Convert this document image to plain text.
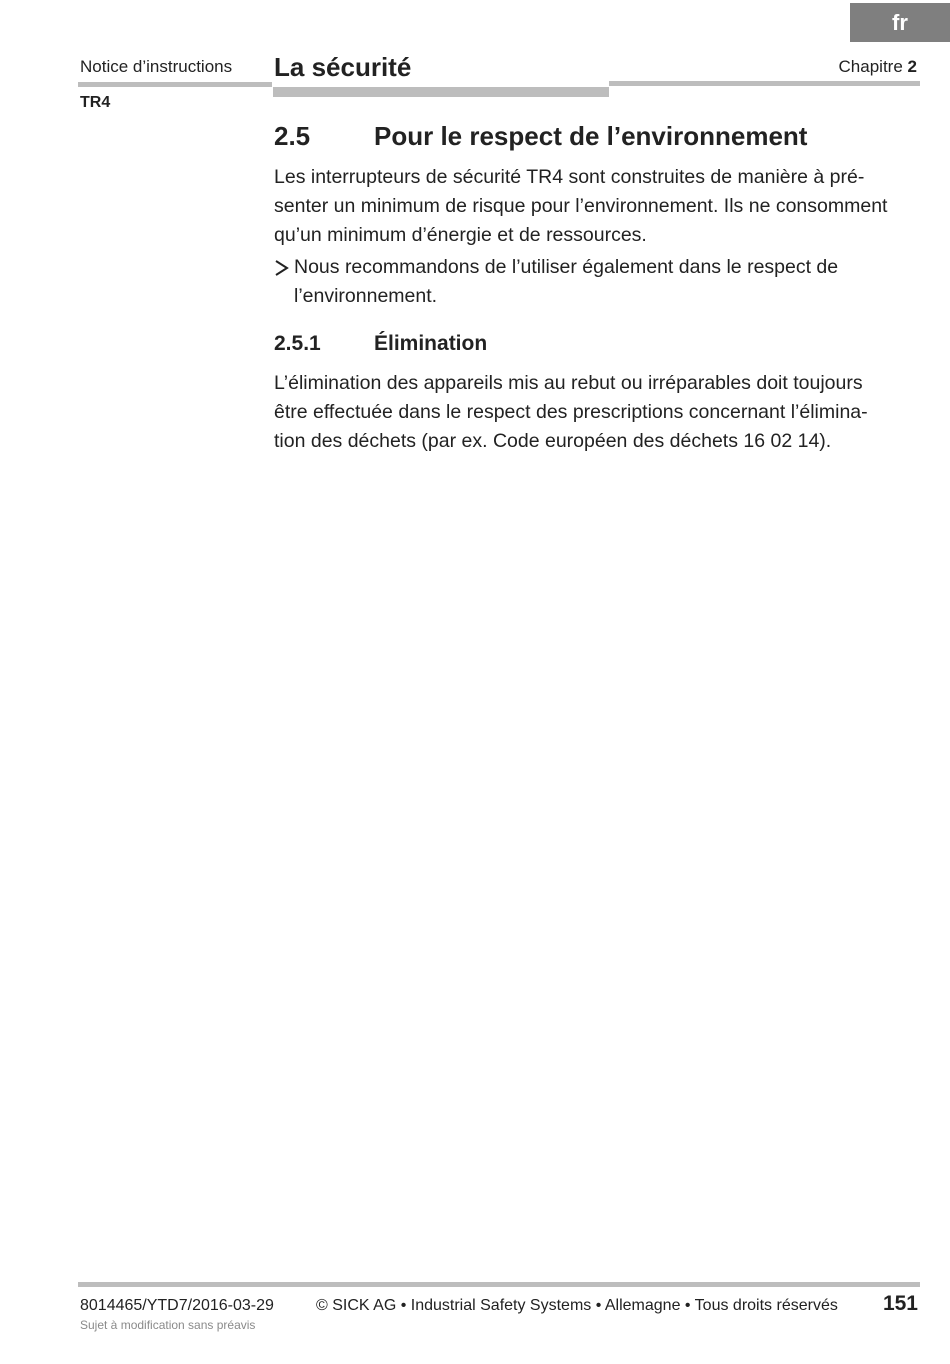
fr
Notice d’instructions La sécurité	Chapitre 2
TR4
2.5 Pour le respect de l’environnement
Les interrupteurs de sécurité TR4 sont construites de manière à pré-
senter un minimum de risque pour l’environnement. Ils ne consomment
qu’un minimum d’énergie et de ressources.
Nous recommandons de l’utiliser également dans le respect de
l’environnement.
2.5.1	Élimination
L’élimination des appareils mis au rebut ou irréparables doit toujours
être effectuée dans le respect des prescriptions concernant l’élimina-
tion des déchets (par ex. Code européen des déchets 16 02 14).
8014465/YTD7/2016-03-29	© SICK AG • Industrial Safety Systems • Allemagne • Tous droits réservés 151
Sujet à modification sans préavis
